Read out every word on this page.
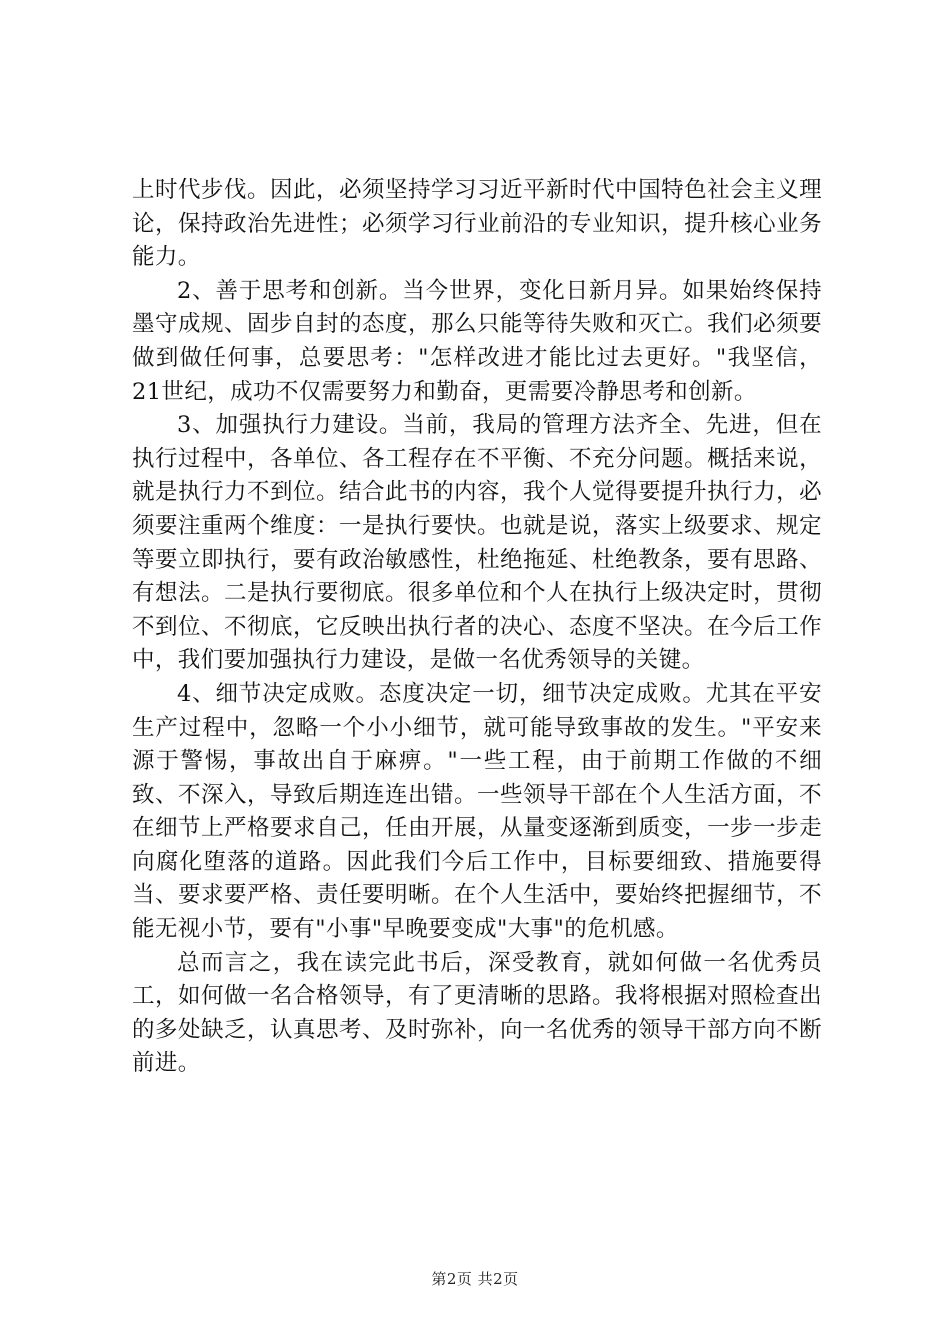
上时代步伐。因此，必须坚持学习习近平新时代中国特色社会主义理论，保持政治先进性；必须学习行业前沿的专业知识，提升核心业务能力。

2、善于思考和创新。当今世界，变化日新月异。如果始终保持墨守成规、固步自封的态度，那么只能等待失败和灭亡。我们必须要做到做任何事，总要思考："怎样改进才能比过去更好。"我坚信，21世纪，成功不仅需要努力和勤奋，更需要冷静思考和创新。

3、加强执行力建设。当前，我局的管理方法齐全、先进，但在执行过程中，各单位、各工程存在不平衡、不充分问题。概括来说，就是执行力不到位。结合此书的内容，我个人觉得要提升执行力，必须要注重两个维度：一是执行要快。也就是说，落实上级要求、规定等要立即执行，要有政治敏感性，杜绝拖延、杜绝教条，要有思路、有想法。二是执行要彻底。很多单位和个人在执行上级决定时，贯彻不到位、不彻底，它反映出执行者的决心、态度不坚决。在今后工作中，我们要加强执行力建设，是做一名优秀领导的关键。

4、细节决定成败。态度决定一切，细节决定成败。尤其在平安生产过程中，忽略一个小小细节，就可能导致事故的发生。"平安来源于警惕，事故出自于麻痹。"一些工程，由于前期工作做的不细致、不深入，导致后期连连出错。一些领导干部在个人生活方面，不在细节上严格要求自己，任由开展，从量变逐渐到质变，一步一步走向腐化堕落的道路。因此我们今后工作中，目标要细致、措施要得当、要求要严格、责任要明晰。在个人生活中，要始终把握细节，不能无视小节，要有"小事"早晚要变成"大事"的危机感。

总而言之，我在读完此书后，深受教育，就如何做一名优秀员工，如何做一名合格领导，有了更清晰的思路。我将根据对照检查出的多处缺乏，认真思考、及时弥补，向一名优秀的领导干部方向不断前进。

第2页 共2页
